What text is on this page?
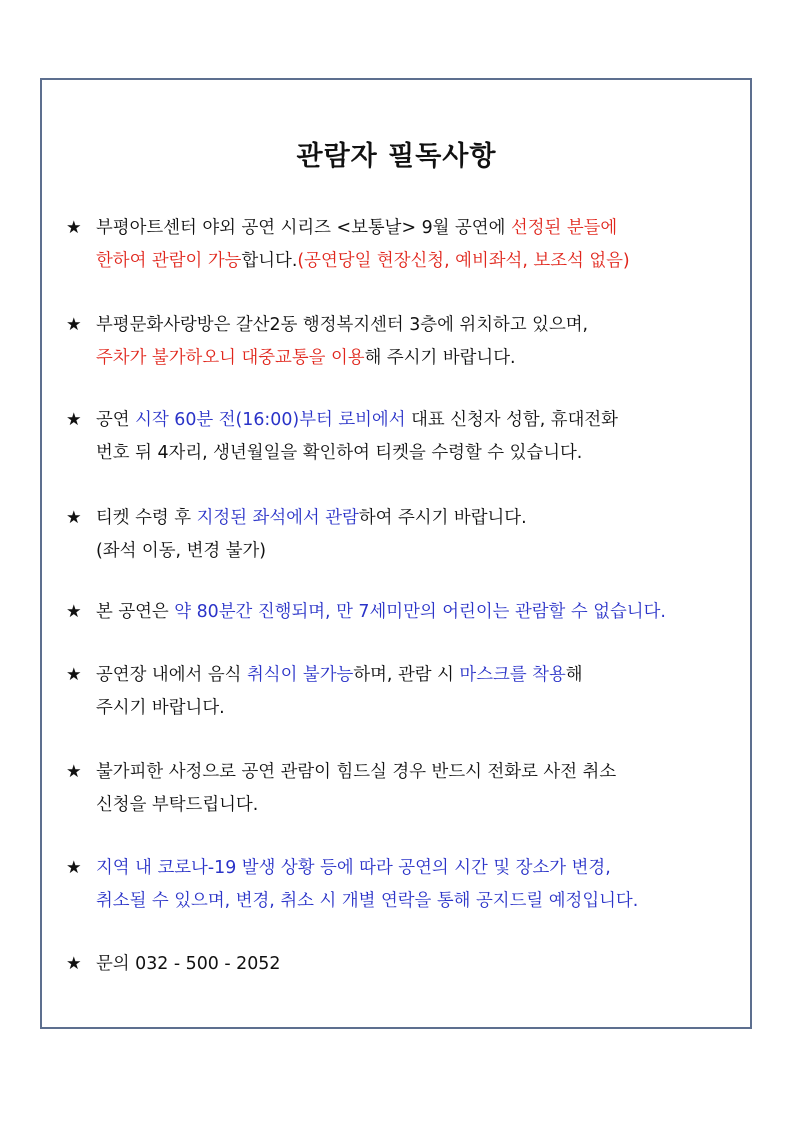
관람자 필독사항
★ 부평아트센터 야외 공연 시리즈 <보통날> 9월 공연에 선정된 분들에
한하여 관람이 가능합니다.(공연당일 현장신청, 예비좌석, 보조석 없음)
★ 부평문화사랑방은 갈산2동 행정복지센터 3층에 위치하고 있으며,
주차가 불가하오니 대중교통을 이용해 주시기 바랍니다.
★ 공연 시작 60분 전(16:00)부터 로비에서 대표 신청자 성함, 휴대전화
번호 뒤 4자리, 생년월일을 확인하여 티켓을 수령할 수 있습니다.
★ 티켓 수령 후 지정된 좌석에서 관람하여 주시기 바랍니다.
(좌석 이동, 변경 불가)
★ 본 공연은 약 80분간 진행되며, 만 7세미만의 어린이는 관람할 수 없습니다.
★ 공연장 내에서 음식 취식이 불가능하며, 관람 시 마스크를 착용해
주시기 바랍니다.
★ 불가피한 사정으로 공연 관람이 힘드실 경우 반드시 전화로 사전 취소
신청을 부탁드립니다.
★ 지역 내 코로나-19 발생 상황 등에 따라 공연의 시간 및 장소가 변경,
취소될 수 있으며, 변경, 취소 시 개별 연락을 통해 공지드릴 예정입니다.
★ 문의 032 - 500 - 2052
